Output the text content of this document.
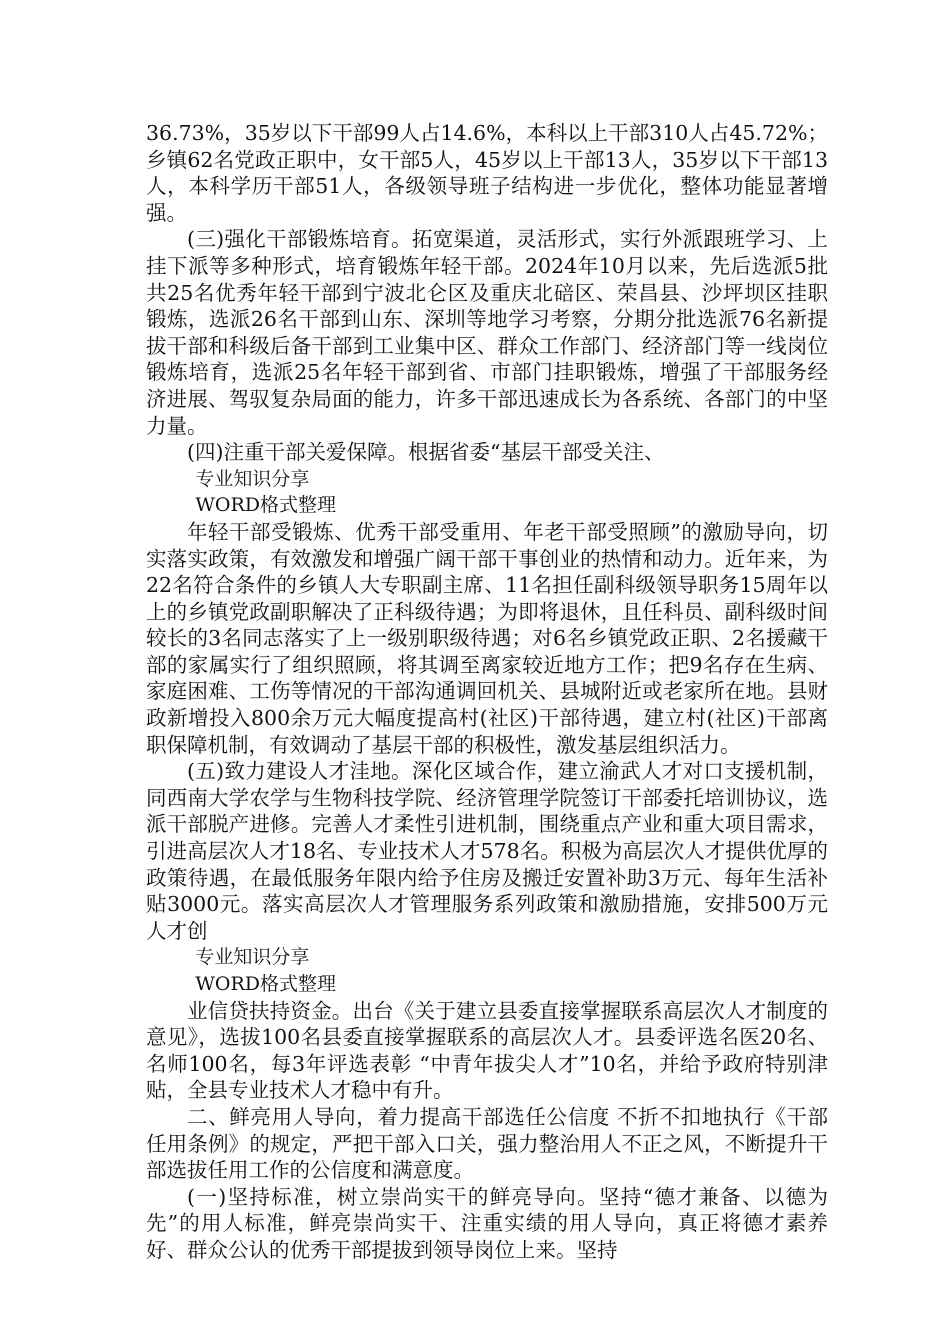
36.73%，35岁以下干部99人占14.6%，本科以上干部310人占45.72%；乡镇62名党政正职中，女干部5人，45岁以上干部13人，35岁以下干部13人，本科学历干部51人，各级领导班子结构进一步优化，整体功能显著增强。

(三)强化干部锻炼培育。拓宽渠道，灵活形式，实行外派跟班学习、上挂下派等多种形式，培育锻炼年轻干部。2024年10月以来，先后选派5批共25名优秀年轻干部到宁波北仑区及重庆北碚区、荣昌县、沙坪坝区挂职锻炼，选派26名干部到山东、深圳等地学习考察，分期分批选派76名新提拔干部和科级后备干部到工业集中区、群众工作部门、经济部门等一线岗位锻炼培育，选派25名年轻干部到省、市部门挂职锻炼，增强了干部服务经济进展、驾驭复杂局面的能力，许多干部迅速成长为各系统、各部门的中坚力量。

(四)注重干部关爱保障。根据省委“基层干部受关注、

专业知识分享

WORD格式整理

年轻干部受锻炼、优秀干部受重用、年老干部受照顾”的激励导向，切实落实政策，有效激发和增强广阔干部干事创业的热情和动力。近年来，为22名符合条件的乡镇人大专职副主席、11名担任副科级领导职务15周年以上的乡镇党政副职解决了正科级待遇；为即将退休，且任科员、副科级时间较长的3名同志落实了上一级别职级待遇；对6名乡镇党政正职、2名援藏干部的家属实行了组织照顾，将其调至离家较近地方工作；把9名存在生病、家庭困难、工伤等情况的干部沟通调回机关、县城附近或老家所在地。县财政新增投入800余万元大幅度提高村(社区)干部待遇，建立村(社区)干部离职保障机制，有效调动了基层干部的积极性，激发基层组织活力。

(五)致力建设人才洼地。深化区域合作，建立渝武人才对口支援机制，同西南大学农学与生物科技学院、经济管理学院签订干部委托培训协议，选派干部脱产进修。完善人才柔性引进机制，围绕重点产业和重大项目需求，引进高层次人才18名、专业技术人才578名。积极为高层次人才提供优厚的政策待遇，在最低服务年限内给予住房及搬迁安置补助3万元、每年生活补贴3000元。落实高层次人才管理服务系列政策和激励措施，安排500万元人才创

专业知识分享

WORD格式整理

业信贷扶持资金。出台《关于建立县委直接掌握联系高层次人才制度的意见》，选拔100名县委直接掌握联系的高层次人才。县委评选名医20名、名师100名，每3年评选表彰 “中青年拔尖人才”10名，并给予政府特别津贴，全县专业技术人才稳中有升。

二、鲜亮用人导向，着力提高干部选任公信度 不折不扣地执行《干部任用条例》的规定，严把干部入口关，强力整治用人不正之风，不断提升干部选拔任用工作的公信度和满意度。

(一)坚持标准，树立崇尚实干的鲜亮导向。坚持“德才兼备、以德为先”的用人标准，鲜亮崇尚实干、注重实绩的用人导向，真正将德才素养好、群众公认的优秀干部提拔到领导岗位上来。坚持
